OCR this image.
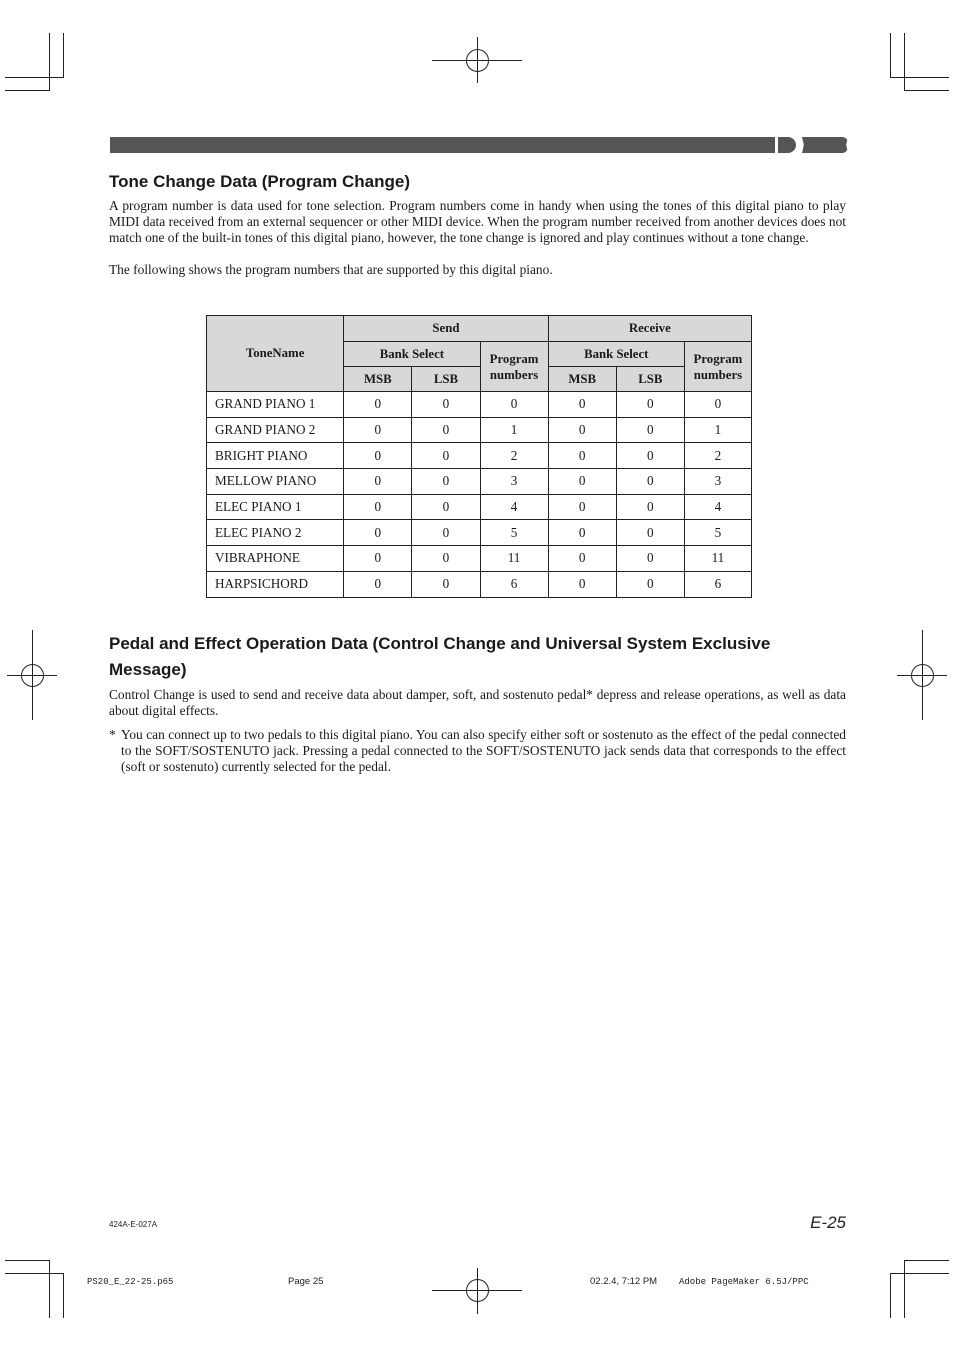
Tone Change Data (Program Change)

A program number is data used for tone selection. Program numbers come in handy when using the tones of this digital piano to play MIDI data received from an external sequencer or other MIDI device. When the program number received from another devices does not match one of the built-in tones of this digital piano, however, the tone change is ignored and play continues without a tone change.

The following shows the program numbers that are supported by this digital piano.

ToneName	Send			Receive		
	Bank Select		Program numbers	Bank Select		Program numbers
	MSB	LSB		MSB	LSB	
GRAND PIANO 1	0	0	0	0	0	0
GRAND PIANO 2	0	0	1	0	0	1
BRIGHT PIANO	0	0	2	0	0	2
MELLOW PIANO	0	0	3	0	0	3
ELEC PIANO 1	0	0	4	0	0	4
ELEC PIANO 2	0	0	5	0	0	5
VIBRAPHONE	0	0	11	0	0	11
HARPSICHORD	0	0	6	0	0	6
Pedal and Effect Operation Data (Control Change and Universal System Exclusive
Message)

Control Change is used to send and receive data about damper, soft, and sostenuto pedal* depress and release operations, as well as data about digital effects.

* You can connect up to two pedals to this digital piano. You can also specify either soft or sostenuto as the effect of the pedal connected to the SOFT/SOSTENUTO jack. Pressing a pedal connected to the SOFT/SOSTENUTO jack sends data that corresponds to the effect (soft or sostenuto) currently selected for the pedal.

424A-E-027A	E-25
PS20_E_22-25.p65	Page 25	02.2.4, 7:12 PM Adobe PageMaker 6.5J/PPC
